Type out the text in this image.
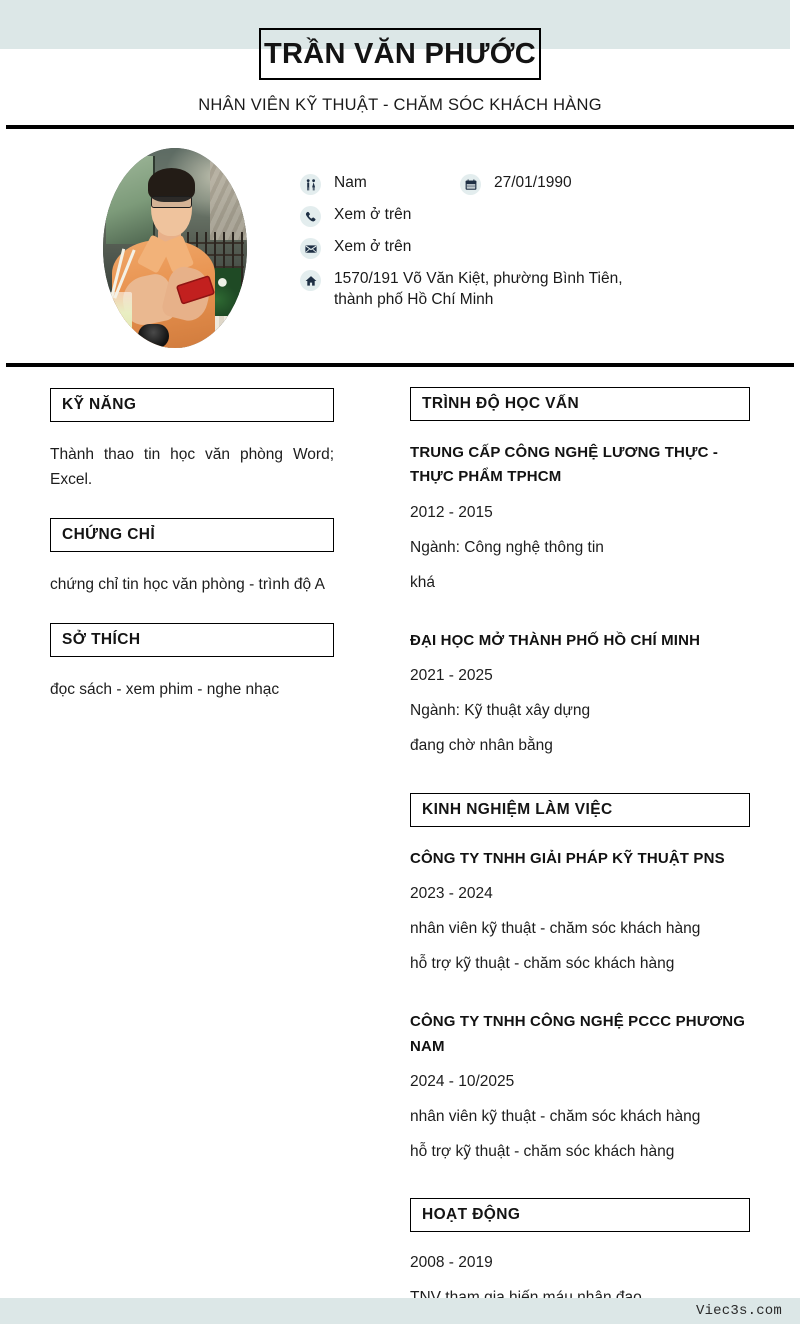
TRẦN VĂN PHƯỚC
NHÂN VIÊN KỸ THUẬT - CHĂM SÓC KHÁCH HÀNG
Nam	27/01/1990
Xem ở trên
Xem ở trên
1570/191 Võ Văn Kiệt, phường Bình Tiên, thành phố Hồ Chí Minh
KỸ NĂNG

Thành thao tin học văn phòng Word; Excel.

CHỨNG CHỈ

chứng chỉ tin học văn phòng - trình độ A

SỞ THÍCH

đọc sách - xem phim - nghe nhạc

TRÌNH ĐỘ HỌC VẤN
TRUNG CẤP CÔNG NGHỆ LƯƠNG THỰC - THỰC PHẨM TPHCM
2012 - 2015
Ngành: Công nghệ thông tin
khá
ĐẠI HỌC MỞ THÀNH PHỐ HỒ CHÍ MINH
2021 - 2025
Ngành: Kỹ thuật xây dựng
đang chờ nhân bằng
KINH NGHIỆM LÀM VIỆC
CÔNG TY TNHH GIẢI PHÁP KỸ THUẬT PNS
2023 - 2024
nhân viên kỹ thuật - chăm sóc khách hàng
hỗ trợ kỹ thuật - chăm sóc khách hàng
CÔNG TY TNHH CÔNG NGHỆ PCCC PHƯƠNG NAM
2024 - 10/2025
nhân viên kỹ thuật - chăm sóc khách hàng
hỗ trợ kỹ thuật - chăm sóc khách hàng
HOẠT ĐỘNG
2008 - 2019
Viec3s.com
